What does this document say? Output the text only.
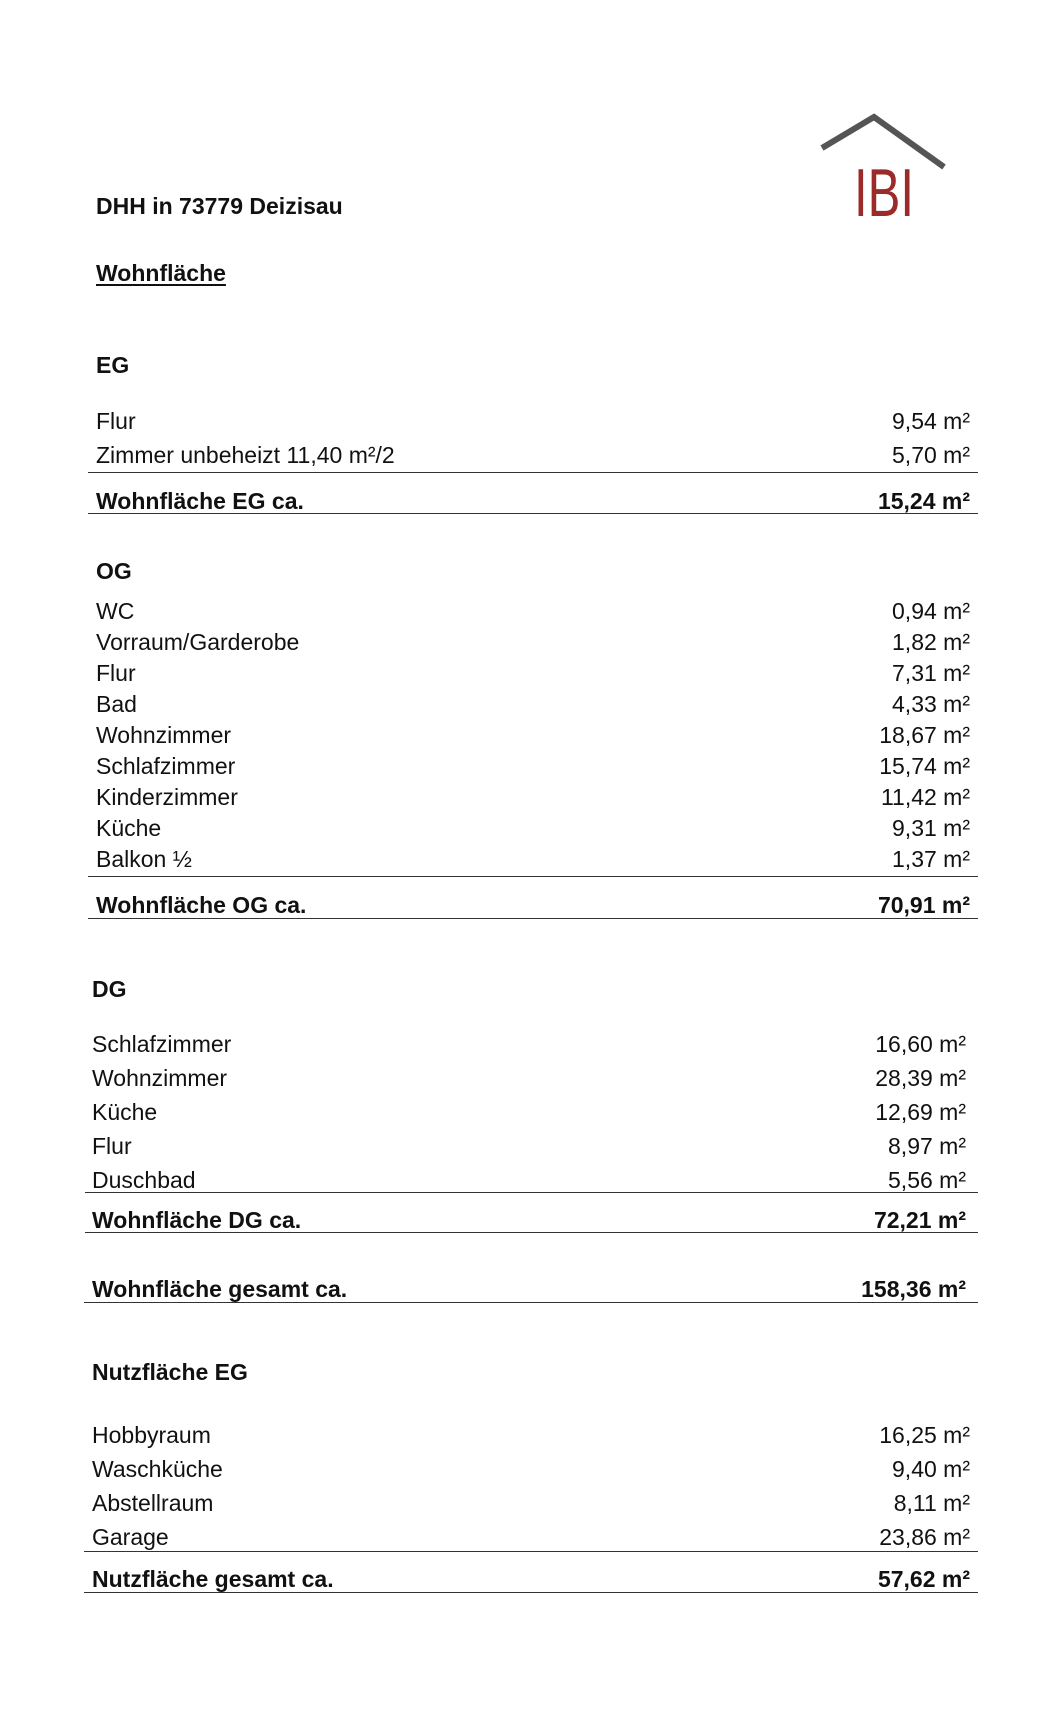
IBI
DHH in 73779 Deizisau
Wohnfläche
EG
Flur	9,54 m²
Zimmer unbeheizt 11,40 m²/2	5,70 m²
Wohnfläche EG ca.	15,24 m²
OG
WC	0,94 m²
Vorraum/Garderobe	1,82 m²
Flur	7,31 m²
Bad	4,33 m²
Wohnzimmer	18,67 m²
Schlafzimmer	15,74 m²
Kinderzimmer	11,42 m²
Küche	9,31 m²
Balkon ½	1,37 m²
Wohnfläche OG ca.	70,91 m²
DG
Schlafzimmer	16,60 m²
Wohnzimmer	28,39 m²
Küche	12,69 m²
Flur	8,97 m²
Duschbad	5,56 m²
Wohnfläche DG ca.	72,21 m²
Wohnfläche gesamt ca.	158,36 m²
Nutzfläche EG
Hobbyraum	16,25 m²
Waschküche	9,40 m²
Abstellraum	8,11 m²
Garage	23,86 m²
Nutzfläche gesamt ca.	57,62 m²
